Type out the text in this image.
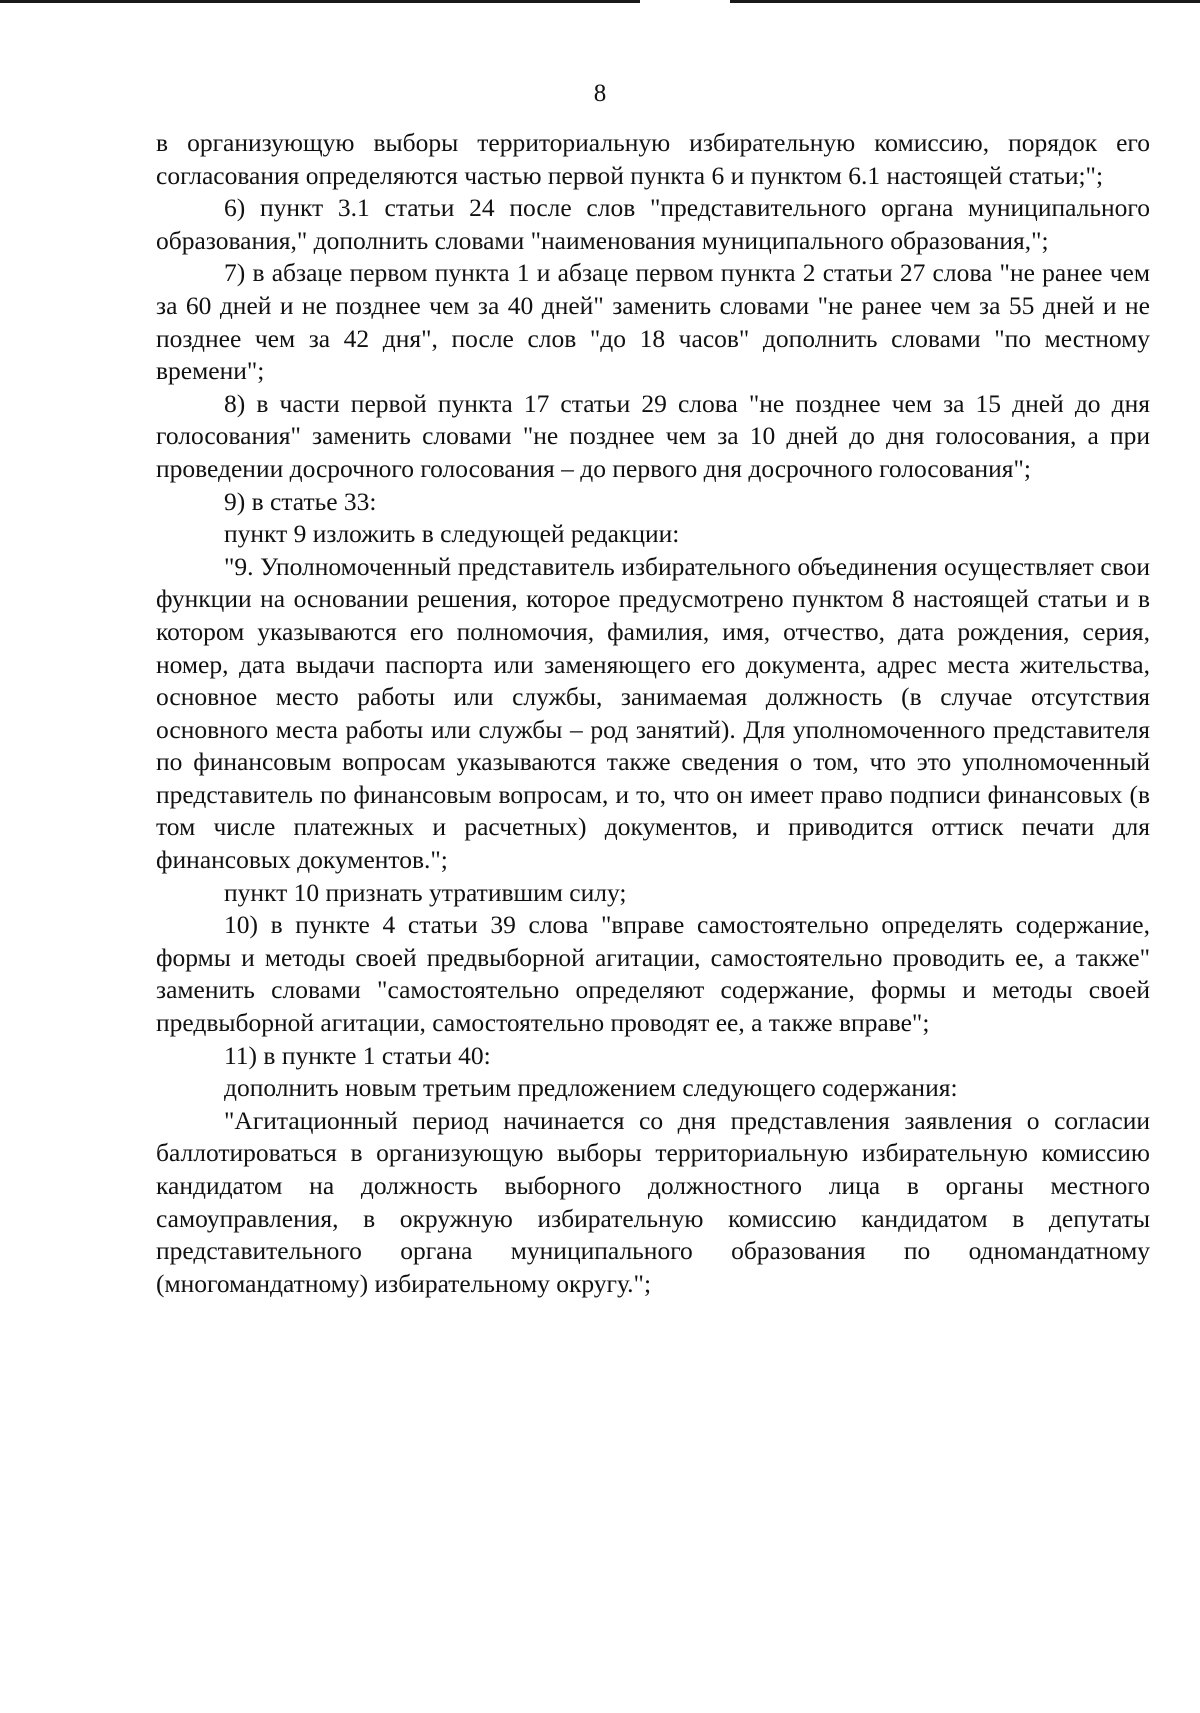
8

в организующую выборы территориальную избирательную комиссию, порядок его согласования определяются частью первой пункта 6 и пунктом 6.1 настоящей статьи;";

6) пункт 3.1 статьи 24 после слов "представительного органа муниципального образования," дополнить словами "наименования муниципального образования,";

7) в абзаце первом пункта 1 и абзаце первом пункта 2 статьи 27 слова "не ранее чем за 60 дней и не позднее чем за 40 дней" заменить словами "не ранее чем за 55 дней и не позднее чем за 42 дня", после слов "до 18 часов" дополнить словами "по местному времени";

8) в части первой пункта 17 статьи 29 слова "не позднее чем за 15 дней до дня голосования" заменить словами "не позднее чем за 10 дней до дня голосования, а при проведении досрочного голосования – до первого дня досрочного голосования";

9) в статье 33:

пункт 9 изложить в следующей редакции:

"9. Уполномоченный представитель избирательного объединения осуществляет свои функции на основании решения, которое предусмотрено пунктом 8 настоящей статьи и в котором указываются его полномочия, фамилия, имя, отчество, дата рождения, серия, номер, дата выдачи паспорта или заменяющего его документа, адрес места жительства, основное место работы или службы, занимаемая должность (в случае отсутствия основного места работы или службы – род занятий). Для уполномоченного представителя по финансовым вопросам указываются также сведения о том, что это уполномоченный представитель по финансовым вопросам, и то, что он имеет право подписи финансовых (в том числе платежных и расчетных) документов, и приводится оттиск печати для финансовых документов.";

пункт 10 признать утратившим силу;

10) в пункте 4 статьи 39 слова "вправе самостоятельно определять содержание, формы и методы своей предвыборной агитации, самостоятельно проводить ее, а также" заменить словами "самостоятельно определяют содержание, формы и методы своей предвыборной агитации, самостоятельно проводят ее, а также вправе";

11) в пункте 1 статьи 40:

дополнить новым третьим предложением следующего содержания:

"Агитационный период начинается со дня представления заявления о согласии баллотироваться в организующую выборы территориальную избирательную комиссию кандидатом на должность выборного должностного лица в органы местного самоуправления, в окружную избирательную комиссию кандидатом в депутаты представительного органа муниципального образования по одномандатному (многомандатному) избирательному округу.";
